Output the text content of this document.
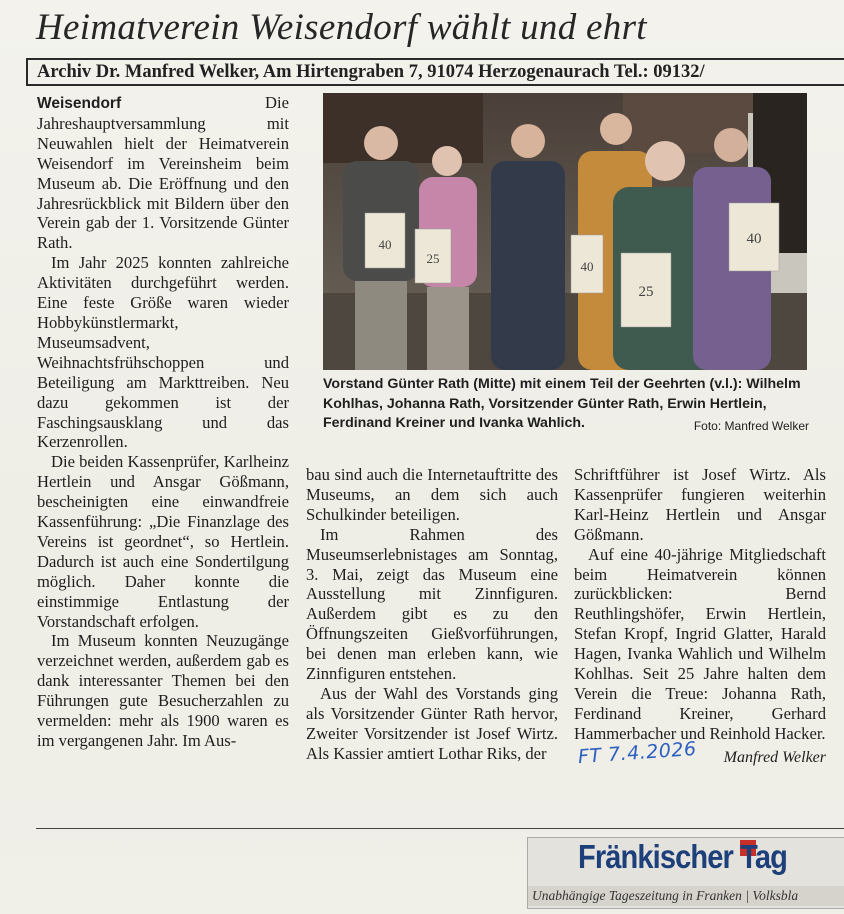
Heimatverein Weisendorf wählt und ehrt
Archiv Dr. Manfred Welker, Am Hirtengraben 7, 91074 Herzogenaurach Tel.: 09132/

Weisendorf	Die Jahreshauptversammlung mit Neuwahlen hielt der Heimatverein Weisendorf im Vereinsheim beim Museum ab. Die Eröffnung und den Jahresrückblick mit Bildern über den Verein gab der 1. Vorsitzende Günter Rath.

Im Jahr 2025 konnten zahlreiche Aktivitäten durchgeführt werden. Eine feste Größe waren wieder Hobbykünstlermarkt, Museumsadvent, Weihnachtsfrühschoppen und Beteiligung am Markttreiben. Neu dazu gekommen ist der Faschingsausklang und das Kerzenrollen.

Die beiden Kassenprüfer, Karlheinz Hertlein und Ansgar Gößmann, bescheinigten eine einwandfreie Kassenführung: „Die Finanzlage des Vereins ist geordnet“, so Hertlein. Dadurch ist auch eine Sondertilgung möglich. Daher konnte die einstimmige Entlastung der Vorstandschaft erfolgen.

Im Museum konnten Neuzugänge verzeichnet werden, außerdem gab es dank interessanter Themen bei den Führungen gute Besucherzahlen zu vermelden: mehr als 1900 waren es im vergangenen Jahr. Im Aus-

40
25
40
25
40
Vorstand Günter Rath (Mitte) mit einem Teil der Geehrten (v.l.): Wilhelm Kohlhas, Johanna Rath, Vorsitzender Günter Rath, Erwin Hertlein, Ferdinand Kreiner und Ivanka Wahlich.	Foto: Manfred Welker

bau sind auch die Internetauftritte des Museums, an dem sich auch Schulkinder beteiligen.

Im Rahmen des Museumserlebnistages am Sonntag, 3. Mai, zeigt das Museum eine Ausstellung mit Zinnfiguren. Außerdem gibt es zu den Öffnungszeiten Gießvorführungen, bei denen man erleben kann, wie Zinnfiguren entstehen.

Aus der Wahl des Vorstands ging als Vorsitzender Günter Rath hervor, Zweiter Vorsitzender ist Josef Wirtz. Als Kassier amtiert Lothar Riks, der

Schriftführer ist Josef Wirtz. Als Kassenprüfer fungieren weiterhin Karl-Heinz Hertlein und Ansgar Gößmann.

Auf eine 40-jährige Mitgliedschaft beim Heimatverein können zurückblicken: Bernd Reuthlingshöfer, Erwin Hertlein, Stefan Kropf, Ingrid Glatter, Harald Hagen, Ivanka Wahlich und Wilhelm Kohlhas. Seit 25 Jahre halten dem Verein die Treue: Johanna Rath, Ferdinand Kreiner, Gerhard Hammerbacher und Reinhold Hacker.

FT 7.4.2026 Manfred Welker
Fränkischer Tag
Unabhängige Tageszeitung in Franken | Volksbla
